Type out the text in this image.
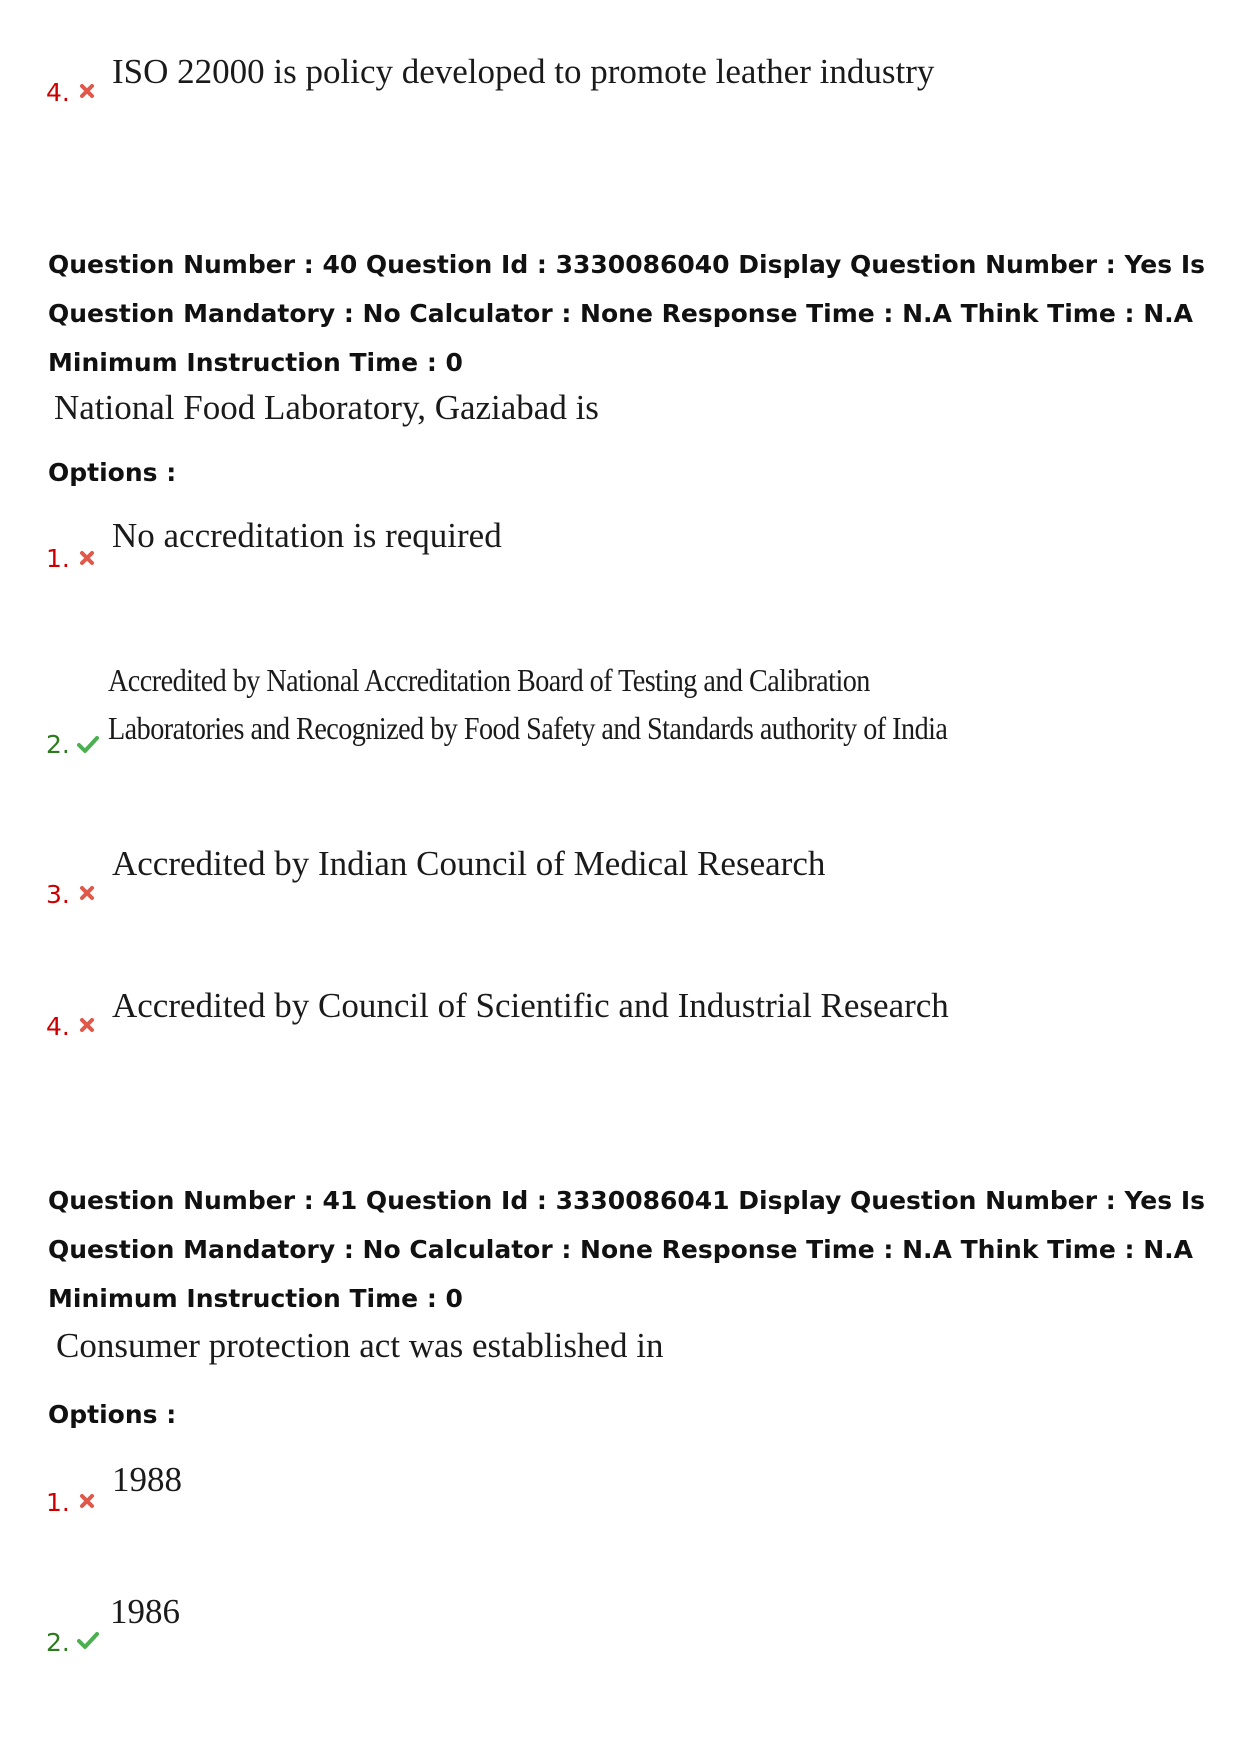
4.
ISO 22000 is policy developed to promote leather industry

Question Number : 40 Question Id : 3330086040 Display Question Number : Yes Is Question Mandatory : No Calculator : None Response Time : N.A Think Time : N.A Minimum Instruction Time : 0

National Food Laboratory, Gaziabad is
Options :
1.
No accreditation is required
2.
Accredited by National Accreditation Board of Testing and Calibration Laboratories and Recognized by Food Safety and Standards authority of India
3.
Accredited by Indian Council of Medical Research
4.
Accredited by Council of Scientific and Industrial Research

Question Number : 41 Question Id : 3330086041 Display Question Number : Yes Is Question Mandatory : No Calculator : None Response Time : N.A Think Time : N.A Minimum Instruction Time : 0

Consumer protection act was established in
Options :
1.
1988
2.
1986
